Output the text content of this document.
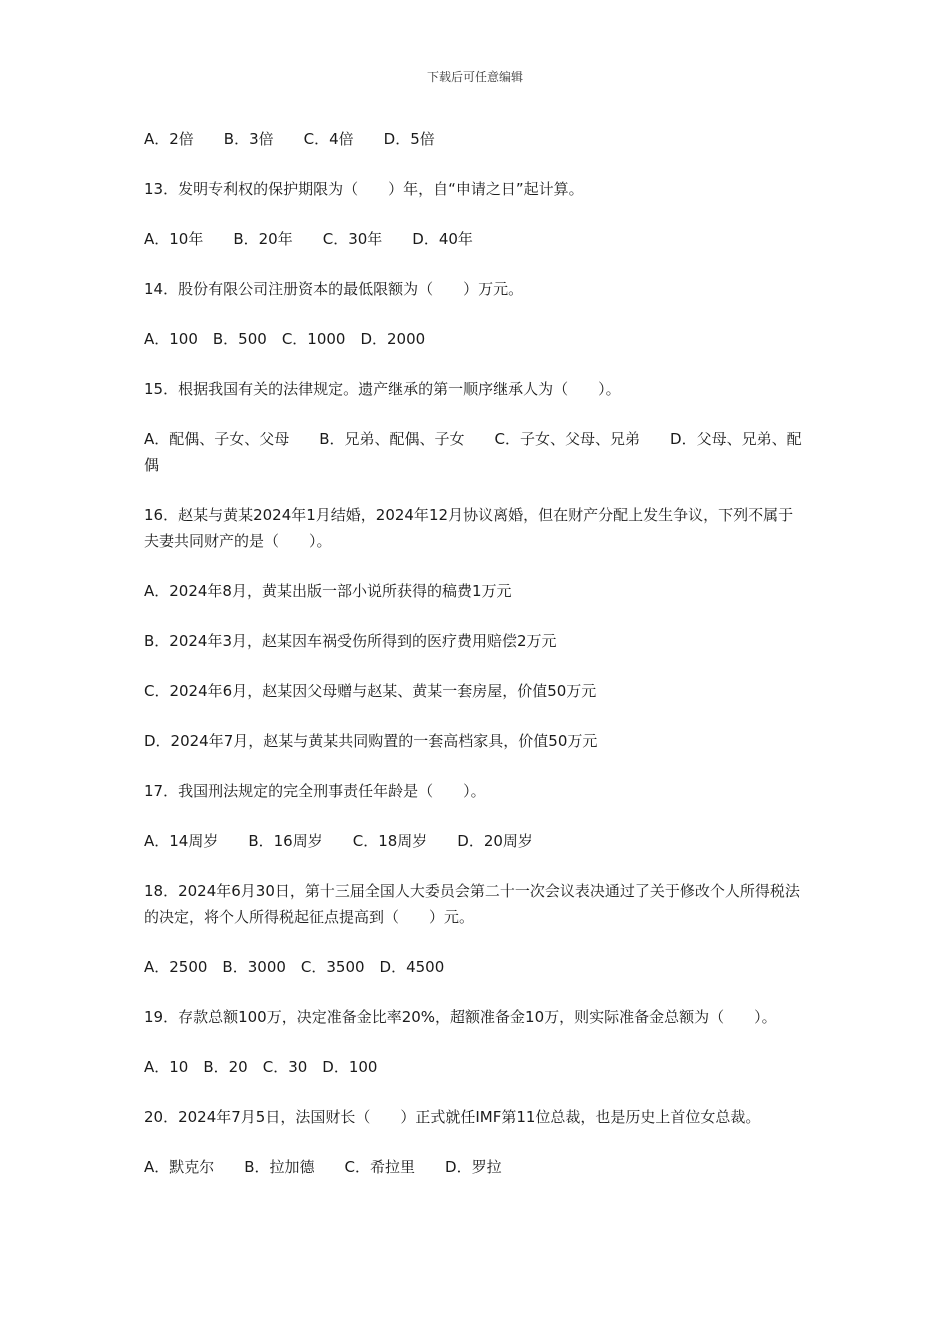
下载后可任意编辑

A．2倍　　B．3倍　　C．4倍　　D．5倍

13．发明专利权的保护期限为（　　）年，自“申请之日”起计算。

A．10年　　B．20年　　C．30年　　D．40年

14．股份有限公司注册资本的最低限额为（　　）万元。

A．100　B．500　C．1000　D．2000

15．根据我国有关的法律规定。遗产继承的第一顺序继承人为（　　）。

A．配偶、子女、父母　　B．兄弟、配偶、子女　　C．子女、父母、兄弟　　D．父母、兄弟、配偶

16．赵某与黄某2024年1月结婚，2024年12月协议离婚，但在财产分配上发生争议，下列不属于夫妻共同财产的是（　　）。

A．2024年8月，黄某出版一部小说所获得的稿费1万元

B．2024年3月，赵某因车祸受伤所得到的医疗费用赔偿2万元

C．2024年6月，赵某因父母赠与赵某、黄某一套房屋，价值50万元

D．2024年7月，赵某与黄某共同购置的一套高档家具，价值50万元

17．我国刑法规定的完全刑事责任年龄是（　　）。

A．14周岁　　B．16周岁　　C．18周岁　　D．20周岁

18．2024年6月30日，第十三届全国人大委员会第二十一次会议表决通过了关于修改个人所得税法的决定，将个人所得税起征点提高到（　　）元。

A．2500　B．3000　C．3500　D．4500

19．存款总额100万，决定准备金比率20%，超额准备金10万，则实际准备金总额为（　　）。

A．10　B．20　C．30　D．100

20．2024年7月5日，法国财长（　　）正式就任IMF第11位总裁，也是历史上首位女总裁。

A．默克尔　　B．拉加德　　C．希拉里　　D．罗拉
